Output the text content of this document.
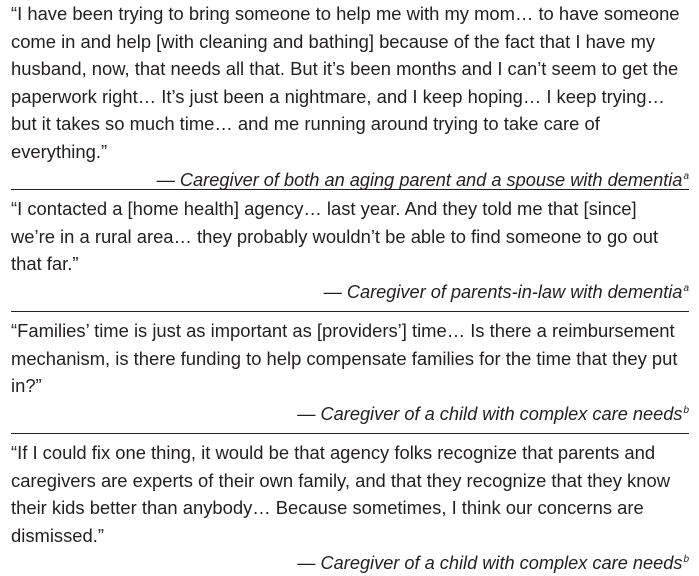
“I have been trying to bring someone to help me with my mom… to have someone come in and help [with cleaning and bathing] because of the fact that I have my husband, now, that needs all that. But it’s been months and I can’t seem to get the paperwork right… It’s just been a nightmare, and I keep hoping… I keep trying… but it takes so much time… and me running around trying to take care of everything.”

— Caregiver of both an aging parent and a spouse with dementia$^a$

“I contacted a [home health] agency… last year. And they told me that [since] we’re in a rural area… they probably wouldn’t be able to find someone to go out that far.”

— Caregiver of parents-in-law with dementia$^a$

“Families’ time is just as important as [providers’] time… Is there a reimbursement mechanism, is there funding to help compensate families for the time that they put in?”

— Caregiver of a child with complex care needs$^b$

“If I could fix one thing, it would be that agency folks recognize that parents and caregivers are experts of their own family, and that they recognize that they know their kids better than anybody… Because sometimes, I think our concerns are dismissed.”

— Caregiver of a child with complex care needs$^b$
